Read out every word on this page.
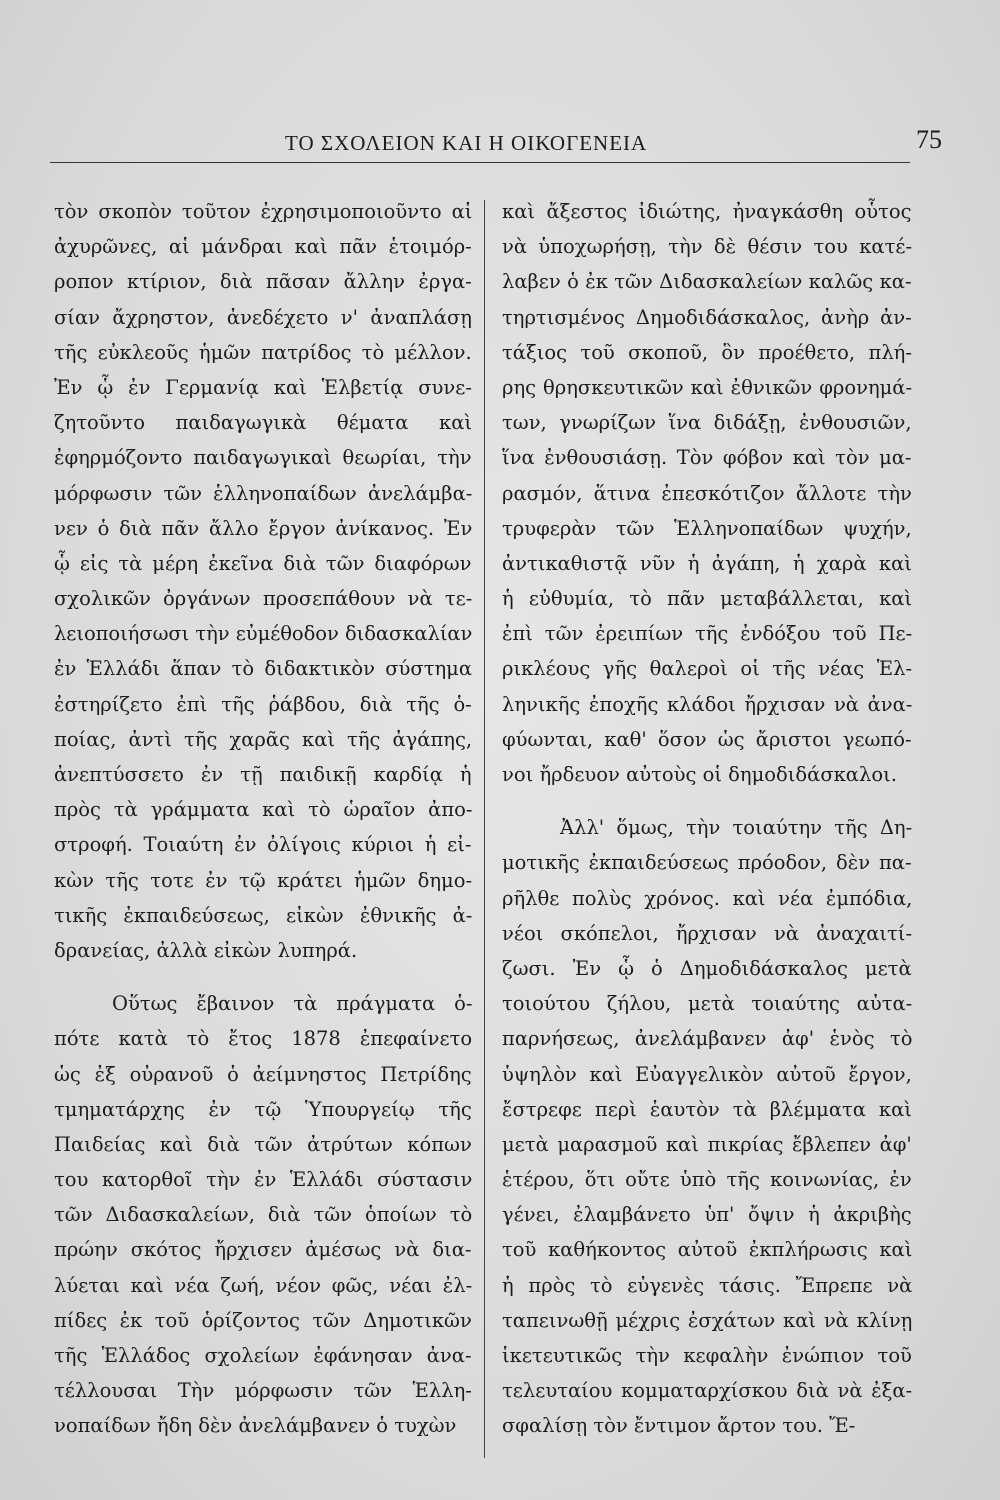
ΤΟ ΣΧΟΛΕΙΟΝ ΚΑΙ Η ΟΙΚΟΓΕΝΕΙΑ	75
τὸν σκοπὸν τοῦτον ἐχρησιμοποιοῦντο αἱ
ἀχυρῶνες, αἱ μάνδραι καὶ πᾶν ἑτοιμόρ-
ροπον κτίριον, διὰ πᾶσαν ἄλλην ἐργα-
σίαν ἄχρηστον, ἀνεδέχετο ν' ἀναπλάσῃ
τῆς εὐκλεοῦς ἡμῶν πατρίδος τὸ μέλλον.
Ἐν ᾧ ἐν Γερμανίᾳ καὶ Ἑλβετίᾳ συνε-
ζητοῦντο παιδαγωγικὰ θέματα καὶ
ἐφηρμόζοντο παιδαγωγικαὶ θεωρίαι, τὴν
μόρφωσιν τῶν ἑλληνοπαίδων ἀνελάμβα-
νεν ὁ διὰ πᾶν ἄλλο ἔργον ἀνίκανος. Ἐν
ᾧ εἰς τὰ μέρη ἐκεῖνα διὰ τῶν διαφόρων
σχολικῶν ὀργάνων προσεπάθουν νὰ τε-
λειοποιήσωσι τὴν εὐμέθοδον διδασκαλίαν
ἐν Ἑλλάδι ἅπαν τὸ διδακτικὸν σύστημα
ἐστηρίζετο ἐπὶ τῆς ῥάβδου, διὰ τῆς ὁ-
ποίας, ἀντὶ τῆς χαρᾶς καὶ τῆς ἀγάπης,
ἀνεπτύσσετο ἐν τῇ παιδικῇ καρδίᾳ ἡ
πρὸς τὰ γράμματα καὶ τὸ ὡραῖον ἀπο-
στροφή. Τοιαύτη ἐν ὀλίγοις κύριοι ἡ εἰ-
κὼν τῆς τοτε ἐν τῷ κράτει ἡμῶν δημο-
τικῆς ἐκπαιδεύσεως, εἰκὼν ἐθνικῆς ἀ-
δρανείας, ἀλλὰ εἰκὼν λυπηρά.
Οὕτως ἔβαινον τὰ πράγματα ὁ-
πότε κατὰ τὸ ἔτος 1878 ἐπεφαίνετο
ὡς ἐξ οὐρανοῦ ὁ ἀείμνηστος Πετρίδης
τμηματάρχης ἐν τῷ Ὑπουργείῳ τῆς
Παιδείας καὶ διὰ τῶν ἀτρύτων κόπων
του κατορθοῖ τὴν ἐν Ἑλλάδι σύστασιν
τῶν Διδασκαλείων, διὰ τῶν ὁποίων τὸ
πρώην σκότος ἤρχισεν ἀμέσως νὰ δια-
λύεται καὶ νέα ζωή, νέον φῶς, νέαι ἐλ-
πίδες ἐκ τοῦ ὁρίζοντος τῶν Δημοτικῶν
τῆς Ἑλλάδος σχολείων ἐφάνησαν ἀνα-
τέλλουσαι Τὴν μόρφωσιν τῶν Ἑλλη-
νοπαίδων ἤδη δὲν ἀνελάμβανεν ὁ τυχὼν
καὶ ἄξεστος ἰδιώτης, ἠναγκάσθη οὗτος
νὰ ὑποχωρήσῃ, τὴν δὲ θέσιν του κατέ-
λαβεν ὁ ἐκ τῶν Διδασκαλείων καλῶς κα-
τηρτισμένος Δημοδιδάσκαλος, ἀνὴρ ἀν-
τάξιος τοῦ σκοποῦ, ὃν προέθετο, πλή-
ρης θρησκευτικῶν καὶ ἐθνικῶν φρονημά-
των, γνωρίζων ἵνα διδάξῃ, ἐνθουσιῶν,
ἵνα ἐνθουσιάσῃ. Τὸν φόβον καὶ τὸν μα-
ρασμόν, ἅτινα ἐπεσκότιζον ἄλλοτε τὴν
τρυφερὰν τῶν Ἑλληνοπαίδων ψυχήν,
ἀντικαθιστᾷ νῦν ἡ ἀγάπη, ἡ χαρὰ καὶ
ἡ εὐθυμία, τὸ πᾶν μεταβάλλεται, καὶ
ἐπὶ τῶν ἐρειπίων τῆς ἐνδόξου τοῦ Πε-
ρικλέους γῆς θαλεροὶ οἱ τῆς νέας Ἑλ-
ληνικῆς ἐποχῆς κλάδοι ἤρχισαν νὰ ἀνα-
φύωνται, καθ' ὅσον ὡς ἄριστοι γεωπό-
νοι ἤρδευον αὐτοὺς οἱ δημοδιδάσκαλοι.
Ἀλλ' ὅμως, τὴν τοιαύτην τῆς Δη-
μοτικῆς ἐκπαιδεύσεως πρόοδον, δὲν πα-
ρῆλθε πολὺς χρόνος. καὶ νέα ἐμπόδια,
νέοι σκόπελοι, ἤρχισαν νὰ ἀναχαιτί-
ζωσι. Ἐν ᾧ ὁ Δημοδιδάσκαλος μετὰ
τοιούτου ζήλου, μετὰ τοιαύτης αὐτα-
παρνήσεως, ἀνελάμβανεν ἀφ' ἑνὸς τὸ
ὑψηλὸν καὶ Εὐαγγελικὸν αὐτοῦ ἔργον,
ἔστρεφε περὶ ἑαυτὸν τὰ βλέμματα καὶ
μετὰ μαρασμοῦ καὶ πικρίας ἔβλεπεν ἀφ'
ἑτέρου, ὅτι οὔτε ὑπὸ τῆς κοινωνίας, ἐν
γένει, ἐλαμβάνετο ὑπ' ὄψιν ἡ ἀκριβὴς
τοῦ καθήκοντος αὐτοῦ ἐκπλήρωσις καὶ
ἡ πρὸς τὸ εὐγενὲς τάσις. Ἔπρεπε νὰ
ταπεινωθῇ μέχρις ἐσχάτων καὶ νὰ κλίνῃ
ἱκετευτικῶς τὴν κεφαλὴν ἐνώπιον τοῦ
τελευταίου κομματαρχίσκου διὰ νὰ ἐξα-
σφαλίσῃ τὸν ἔντιμον ἄρτον του. Ἔ-
